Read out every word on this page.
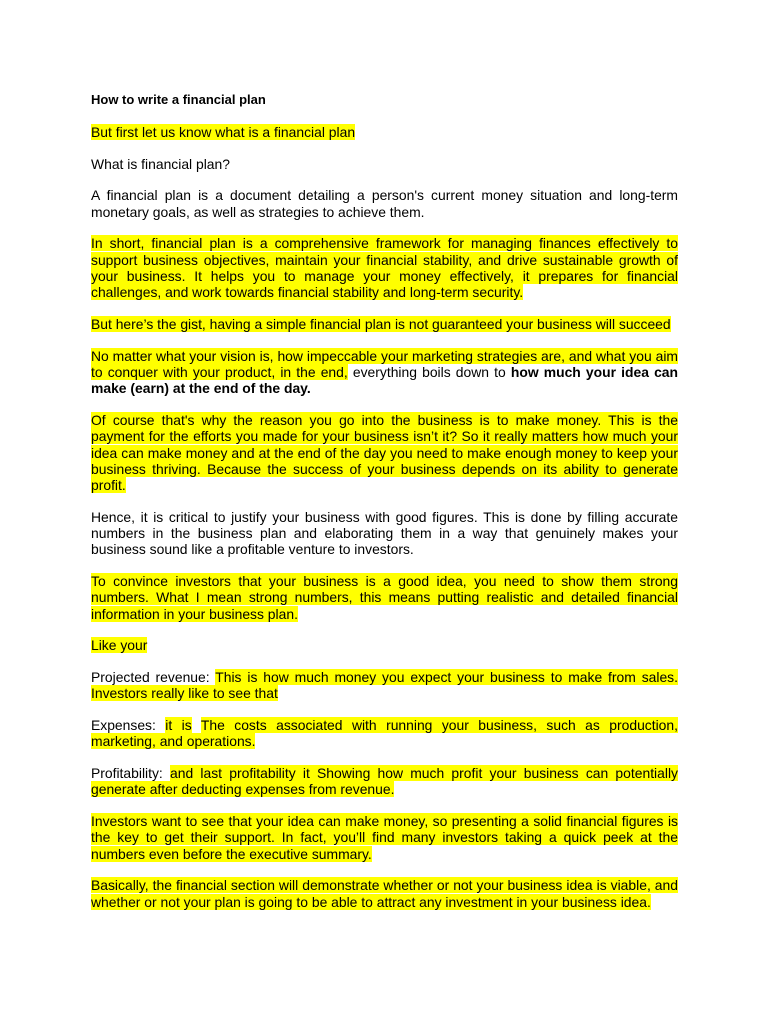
How to write a financial plan
But first let us know what is a financial plan
What is financial plan?
A financial plan is a document detailing a person's current money situation and long-term monetary goals, as well as strategies to achieve them.
In short, financial plan is a comprehensive framework for managing finances effectively to support business objectives, maintain your financial stability, and drive sustainable growth of your business. It helps you to manage your money effectively, it prepares for financial challenges, and work towards financial stability and long-term security.
But here’s the gist, having a simple financial plan is not guaranteed your business will succeed
No matter what your vision is, how impeccable your marketing strategies are, and what you aim to conquer with your product, in the end, everything boils down to how much your idea can make (earn) at the end of the day.
Of course that's why the reason you go into the business is to make money. This is the payment for the efforts you made for your business isn’t it? So it really matters how much your idea can make money and at the end of the day you need to make enough money to keep your business thriving. Because the success of your business depends on its ability to generate profit.
Hence, it is critical to justify your business with good figures. This is done by filling accurate numbers in the business plan and elaborating them in a way that genuinely makes your business sound like a profitable venture to investors.
To convince investors that your business is a good idea, you need to show them strong numbers. What I mean strong numbers, this means putting realistic and detailed financial information in your business plan.
Like your
Projected revenue: This is how much money you expect your business to make from sales. Investors really like to see that
Expenses: it is The costs associated with running your business, such as production, marketing, and operations.
Profitability: and last profitability it Showing how much profit your business can potentially generate after deducting expenses from revenue.
Investors want to see that your idea can make money, so presenting a solid financial figures is the key to get their support. In fact, you’ll find many investors taking a quick peek at the numbers even before the executive summary.
Basically, the financial section will demonstrate whether or not your business idea is viable, and whether or not your plan is going to be able to attract any investment in your business idea.
